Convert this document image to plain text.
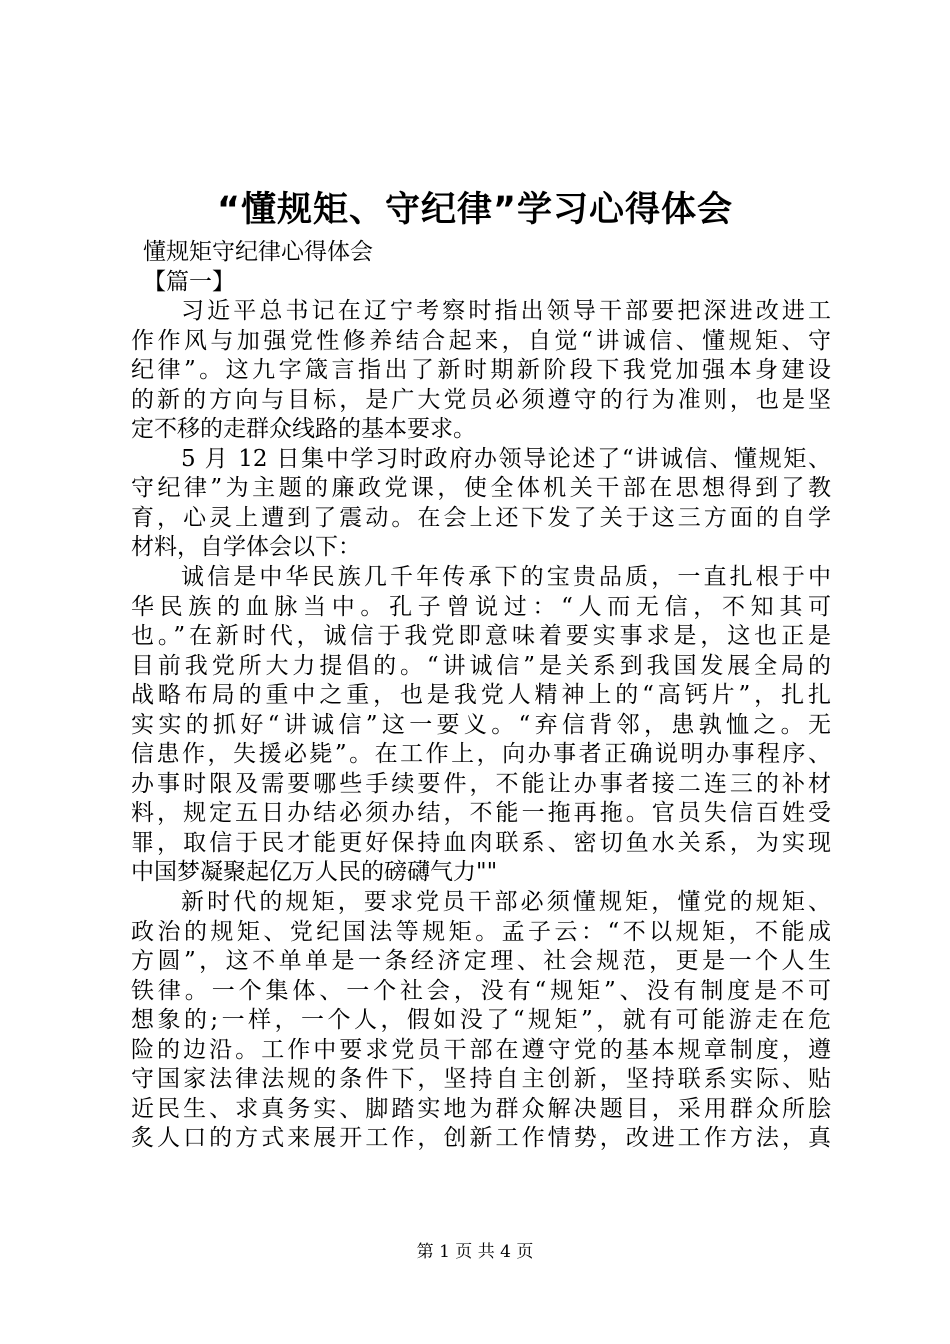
“懂规矩、守纪律”学习心得体会
懂规矩守纪律心得体会
【篇一】
习近平总书记在辽宁考察时指出领导干部要把深进改进工
作作风与加强党性修养结合起来，自觉“讲诚信、懂规矩、守
纪律”。这九字箴言指出了新时期新阶段下我党加强本身建设
的新的方向与目标，是广大党员必须遵守的行为准则，也是坚
定不移的走群众线路的基本要求。
5 月 12 日集中学习时政府办领导论述了“讲诚信、懂规矩、
守纪律”为主题的廉政党课，使全体机关干部在思想得到了教
育，心灵上遭到了震动。在会上还下发了关于这三方面的自学
材料，自学体会以下：
诚信是中华民族几千年传承下的宝贵品质，一直扎根于中
华民族的血脉当中。孔子曾说过：“人而无信，不知其可
也。”在新时代，诚信于我党即意味着要实事求是，这也正是
目前我党所大力提倡的。“讲诚信”是关系到我国发展全局的
战略布局的重中之重，也是我党人精神上的“高钙片”，扎扎
实实的抓好“讲诚信”这一要义。“弃信背邻，患孰恤之。无
信患作，失援必毙”。在工作上，向办事者正确说明办事程序、
办事时限及需要哪些手续要件，不能让办事者接二连三的补材
料，规定五日办结必须办结，不能一拖再拖。官员失信百姓受
罪，取信于民才能更好保持血肉联系、密切鱼水关系，为实现
中国梦凝聚起亿万人民的磅礴气力""
新时代的规矩，要求党员干部必须懂规矩，懂党的规矩、
政治的规矩、党纪国法等规矩。孟子云：“不以规矩，不能成
方圆”，这不单单是一条经济定理、社会规范，更是一个人生
铁律。一个集体、一个社会，没有“规矩”、没有制度是不可
想象的;一样，一个人，假如没了“规矩”，就有可能游走在危
险的边沿。工作中要求党员干部在遵守党的基本规章制度，遵
守国家法律法规的条件下，坚持自主创新，坚持联系实际、贴
近民生、求真务实、脚踏实地为群众解决题目，采用群众所脍
炙人口的方式来展开工作，创新工作情势，改进工作方法，真
第 1 页 共 4 页
